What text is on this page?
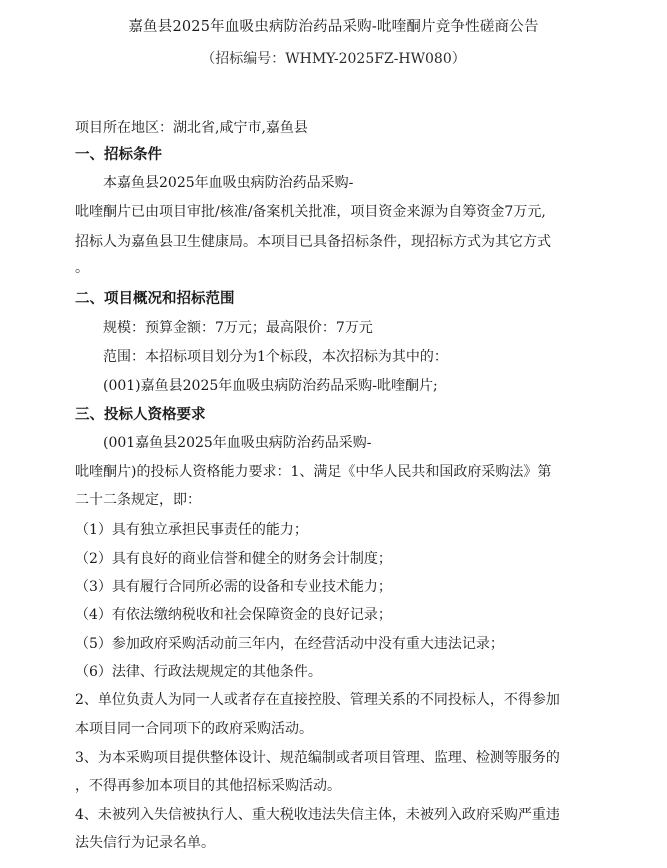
嘉鱼县2025年血吸虫病防治药品采购-吡喹酮片竞争性磋商公告
（招标编号：WHMY-2025FZ-HW080）
项目所在地区：湖北省,咸宁市,嘉鱼县
一、招标条件
本嘉鱼县2025年血吸虫病防治药品采购-
吡喹酮片已由项目审批/核准/备案机关批准，项目资金来源为自筹资金7万元,
招标人为嘉鱼县卫生健康局。本项目已具备招标条件，现招标方式为其它方式
。
二、项目概况和招标范围
规模：预算金额：7万元；最高限价：7万元
范围：本招标项目划分为1个标段，本次招标为其中的：
(001)嘉鱼县2025年血吸虫病防治药品采购-吡喹酮片;
三、投标人资格要求
(001嘉鱼县2025年血吸虫病防治药品采购-
吡喹酮片)的投标人资格能力要求：1、满足《中华人民共和国政府采购法》第
二十二条规定，即：
（1）具有独立承担民事责任的能力；
（2）具有良好的商业信誉和健全的财务会计制度；
（3）具有履行合同所必需的设备和专业技术能力；
（4）有依法缴纳税收和社会保障资金的良好记录；
（5）参加政府采购活动前三年内，在经营活动中没有重大违法记录；
（6）法律、行政法规规定的其他条件。
2、单位负责人为同一人或者存在直接控股、管理关系的不同投标人，不得参加
本项目同一合同项下的政府采购活动。
3、为本采购项目提供整体设计、规范编制或者项目管理、监理、检测等服务的
，不得再参加本项目的其他招标采购活动。
4、未被列入失信被执行人、重大税收违法失信主体，未被列入政府采购严重违
法失信行为记录名单。
